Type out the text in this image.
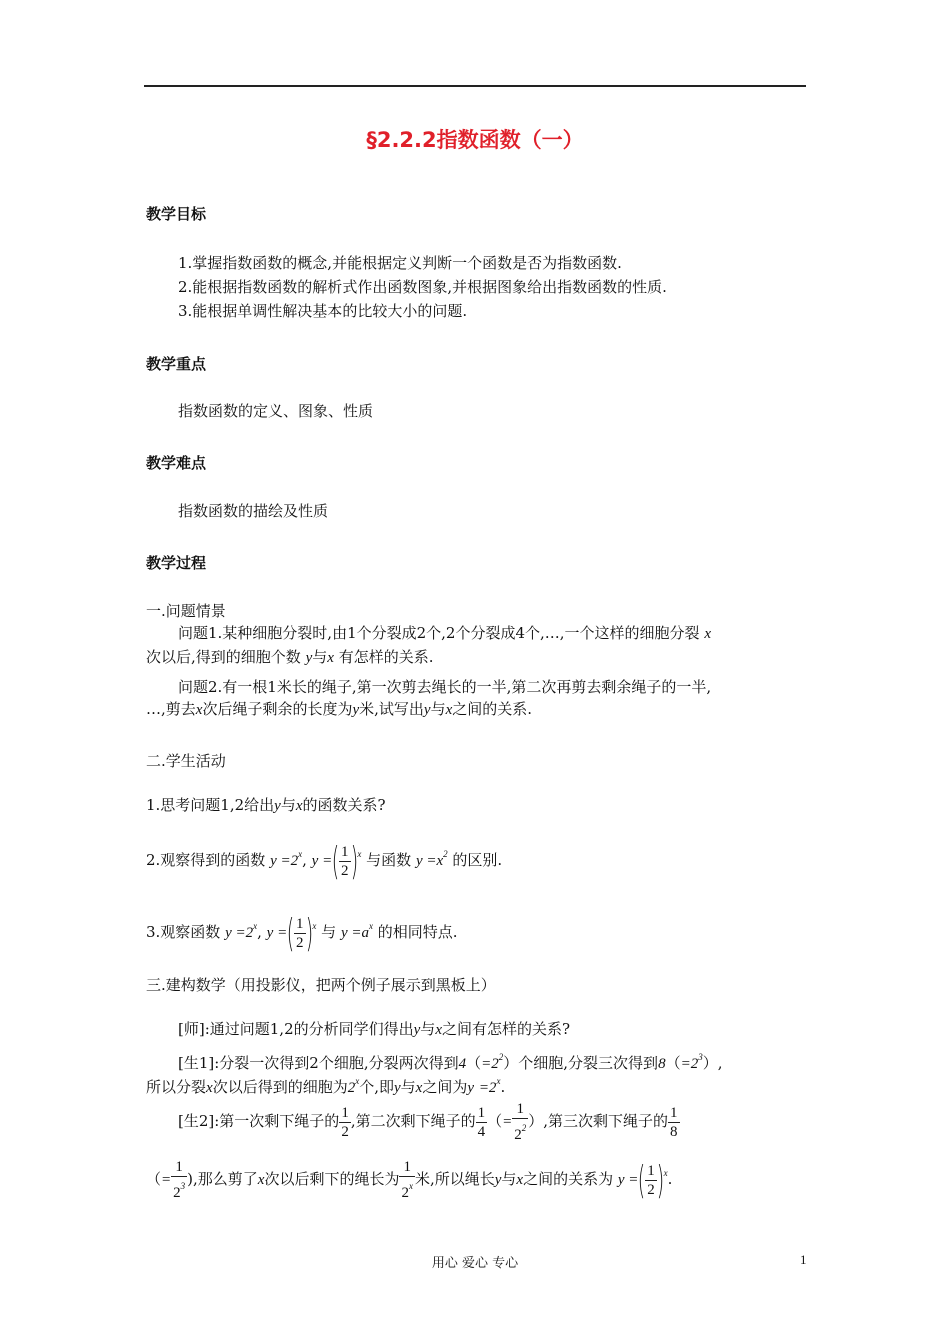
§2.2.2指数函数（一）
教学目标
1.掌握指数函数的概念,并能根据定义判断一个函数是否为指数函数.
2.能根据指数函数的解析式作出函数图象,并根据图象给出指数函数的性质.
3.能根据单调性解决基本的比较大小的问题.
教学重点
指数函数的定义、图象、性质
教学难点
指数函数的描绘及性质
教学过程
一.问题情景
问题1.某种细胞分裂时,由1个分裂成2个,2个分裂成4个,…,一个这样的细胞分裂 x
次以后,得到的细胞个数 y与x 有怎样的关系.
问题2.有一根1米长的绳子,第一次剪去绳长的一半,第二次再剪去剩余绳子的一半,
…,剪去x次后绳子剩余的长度为y米,试写出y与x之间的关系.
二.学生活动
1.思考问题1,2给出y与x的函数关系?
2.观察得到的函数 $y =2^x$, y =( $\frac{1}{2} )^x$ 与函数 $y =x^2$ 的区别.
3.观察函数 $y =2^x$, y =( $\frac{1}{2} )^x$ 与 $y =a^x$ 的相同特点.
三.建构数学（用投影仪，把两个例子展示到黑板上）
[师]:通过问题1,2的分析同学们得出y与x之间有怎样的关系?
[生1]:分裂一次得到2个细胞,分裂两次得到$4(=2^2)$个细胞,分裂三次得到$8(=2^3)$,
所以分裂x次以后得到的细胞为2$^x$个,即y与x之间为$y =2^x$.
[生2]:第一次剩下绳子的 $\frac{1}{2}$ ,第二次剩下绳子的 $\frac{1}{4}$ （= $\frac{1}{2^2}$ ）,第三次剩下绳子的 $\frac{1}{8}$
（= $\frac{1}{2^3}$ ),那么剪了x次以后剩下的绳长为 $\frac{1}{2^x}$ 米,所以绳长y与x之间的关系为 y =( $\frac{1}{2} )^x$.
用心 爱心 专心	1
